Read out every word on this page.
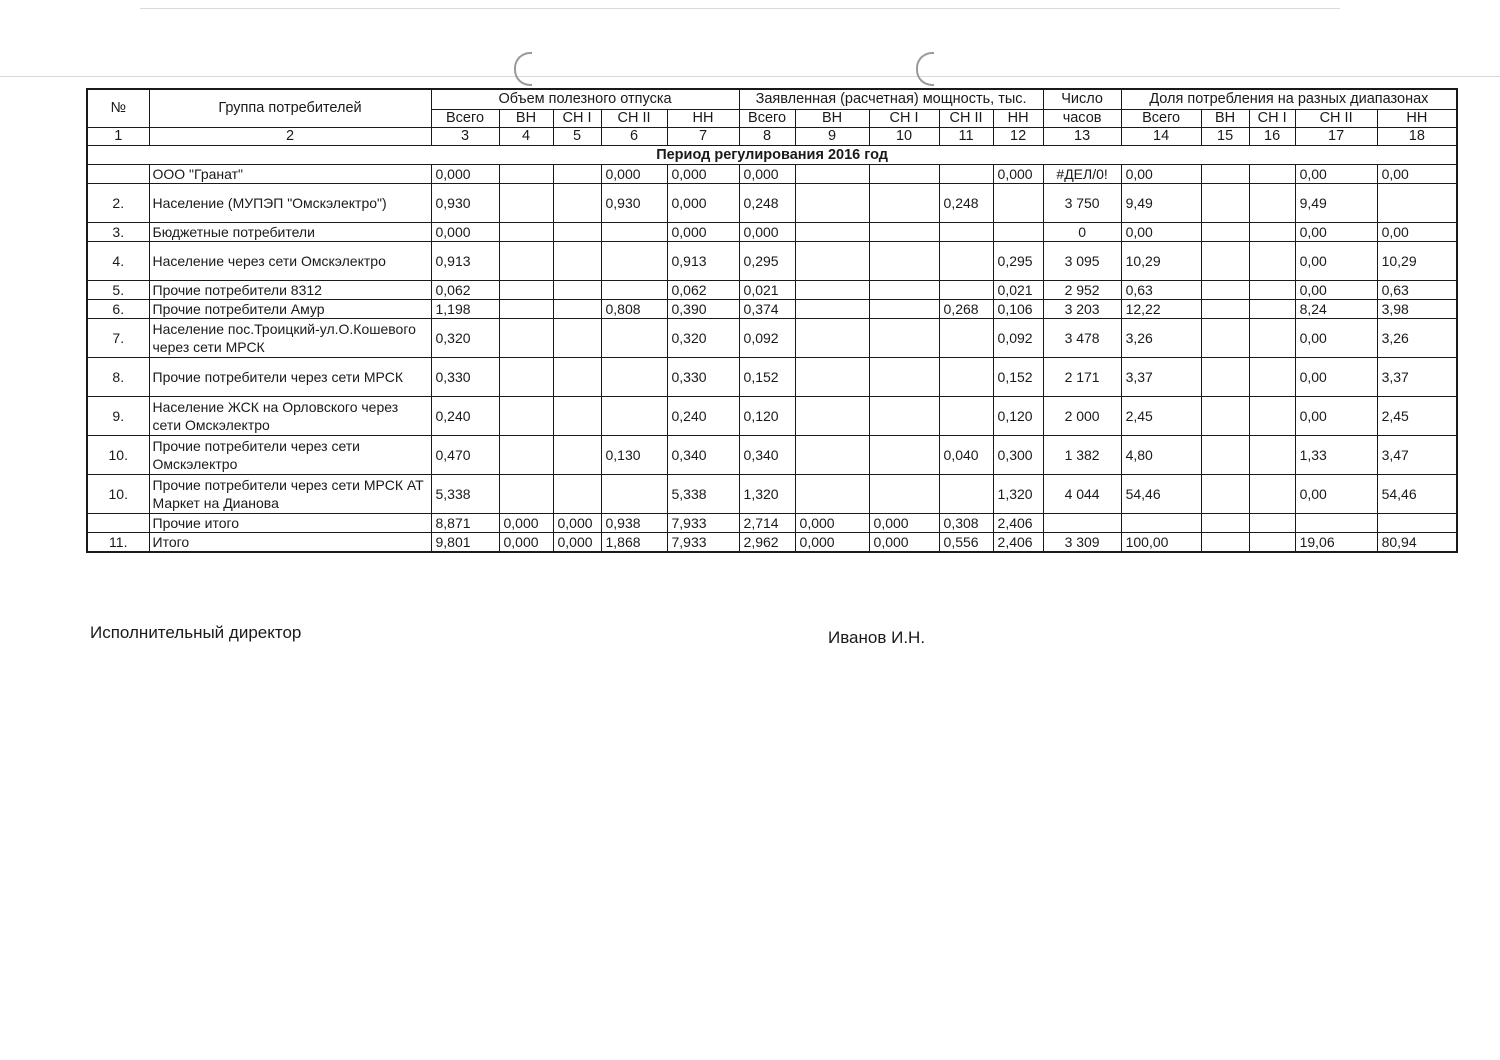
№	Группа потребителей	Объем полезного отпуска					Заявленная (расчетная) мощность, тыс.					Число	Доля потребления на разных диапазонах				
		Всего	ВН	СН I	СН II	НН	Всего	ВН	СН I	СН II	НН	часов	Всего	ВН	СН I	СН II	НН
1	2	3	4	5	6	7	8	9	10	11	12	13	14	15	16	17	18
Период регулирования 2016 год																	
	ООО "Гранат"	0,000			0,000	0,000	0,000				0,000	#ДЕЛ/0!	0,00			0,00	0,00
2.	Население (МУПЭП "Омскэлектро")	0,930			0,930	0,000	0,248			0,248		3 750	9,49			9,49	
3.	Бюджетные потребители	0,000				0,000	0,000					0	0,00			0,00	0,00
4.	Население через сети Омскэлектро	0,913				0,913	0,295				0,295	3 095	10,29			0,00	10,29
5.	Прочие потребители 8312	0,062				0,062	0,021				0,021	2 952	0,63			0,00	0,63
6.	Прочие потребители Амур	1,198			0,808	0,390	0,374			0,268	0,106	3 203	12,22			8,24	3,98
7.	Население пос.Троицкий-ул.О.Кошевого через сети МРСК	0,320				0,320	0,092				0,092	3 478	3,26			0,00	3,26
8.	Прочие потребители через сети МРСК	0,330				0,330	0,152				0,152	2 171	3,37			0,00	3,37
9.	Население ЖСК на Орловского через сети Омскэлектро	0,240				0,240	0,120				0,120	2 000	2,45			0,00	2,45
10.	Прочие потребители через сети Омскэлектро	0,470			0,130	0,340	0,340			0,040	0,300	1 382	4,80			1,33	3,47
10.	Прочие потребители через сети МРСК АТ Маркет на Дианова	5,338				5,338	1,320				1,320	4 044	54,46			0,00	54,46
	Прочие итого	8,871	0,000	0,000	0,938	7,933	2,714	0,000	0,000	0,308	2,406						
11.	Итого	9,801	0,000	0,000	1,868	7,933	2,962	0,000	0,000	0,556	2,406	3 309	100,00			19,06	80,94
Исполнительный директор	Иванов И.Н.
